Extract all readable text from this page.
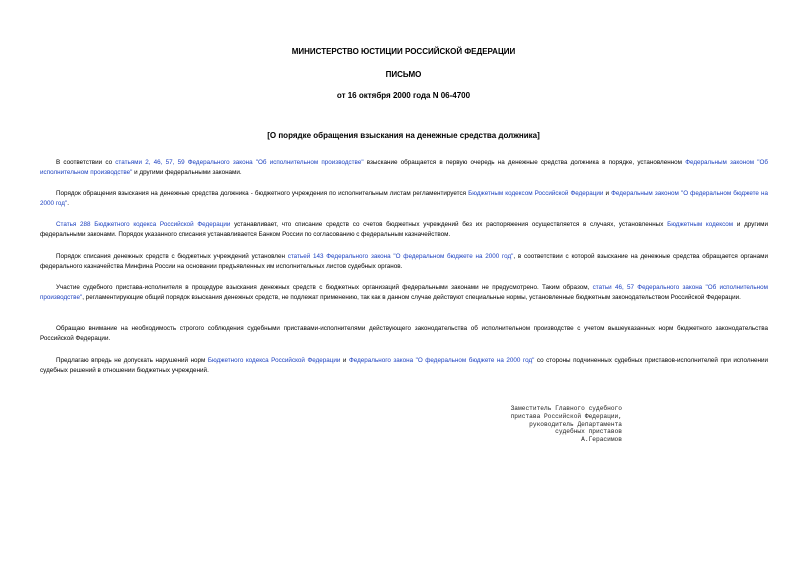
МИНИСТЕРСТВО ЮСТИЦИИ РОССИЙСКОЙ ФЕДЕРАЦИИ
ПИСЬМО
от 16 октября 2000 года N 06-4700
[О порядке обращения взыскания на денежные средства должника]

В соответствии со статьями 2, 46, 57, 59 Федерального закона "Об исполнительном производстве" взыскание обращается в первую очередь на денежные средства должника в порядке, установленном Федеральным законом "Об исполнительном производстве" и другими федеральными законами.

Порядок обращения взыскания на денежные средства должника - бюджетного учреждения по исполнительным листам регламентируется Бюджетным кодексом Российской Федерации и Федеральным законом "О федеральном бюджете на 2000 год".

Статья 288 Бюджетного кодекса Российской Федерации устанавливает, что списание средств со счетов бюджетных учреждений без их распоряжения осуществляется в случаях, установленных Бюджетным кодексом и другими федеральными законами. Порядок указанного списания устанавливается Банком России по согласованию с федеральным казначейством.

Порядок списания денежных средств с бюджетных учреждений установлен статьей 143 Федерального закона "О федеральном бюджете на 2000 год", в соответствии с которой взыскание на денежные средства обращается органами федерального казначейства Минфина России на основании предъявленных им исполнительных листов судебных органов.

Участие судебного пристава-исполнителя в процедуре взыскания денежных средств с бюджетных организаций федеральными законами не предусмотрено. Таким образом, статьи 46, 57 Федерального закона "Об исполнительном производстве", регламентирующие общий порядок взыскания денежных средств, не подлежат применению, так как в данном случае действуют специальные нормы, установленные бюджетным законодательством Российской Федерации.

Обращаю внимание на необходимость строгого соблюдения судебными приставами-исполнителями действующего законодательства об исполнительном производстве с учетом вышеуказанных норм бюджетного законодательства Российской Федерации.

Предлагаю впредь не допускать нарушений норм Бюджетного кодекса Российской Федерации и Федерального закона "О федеральном бюджете на 2000 год" со стороны подчиненных судебных приставов-исполнителей при исполнении судебных решений в отношении бюджетных учреждений.

Заместитель Главного судебного
пристава Российской Федерации,
руководитель Департамента
судебных приставов
А.Герасимов
